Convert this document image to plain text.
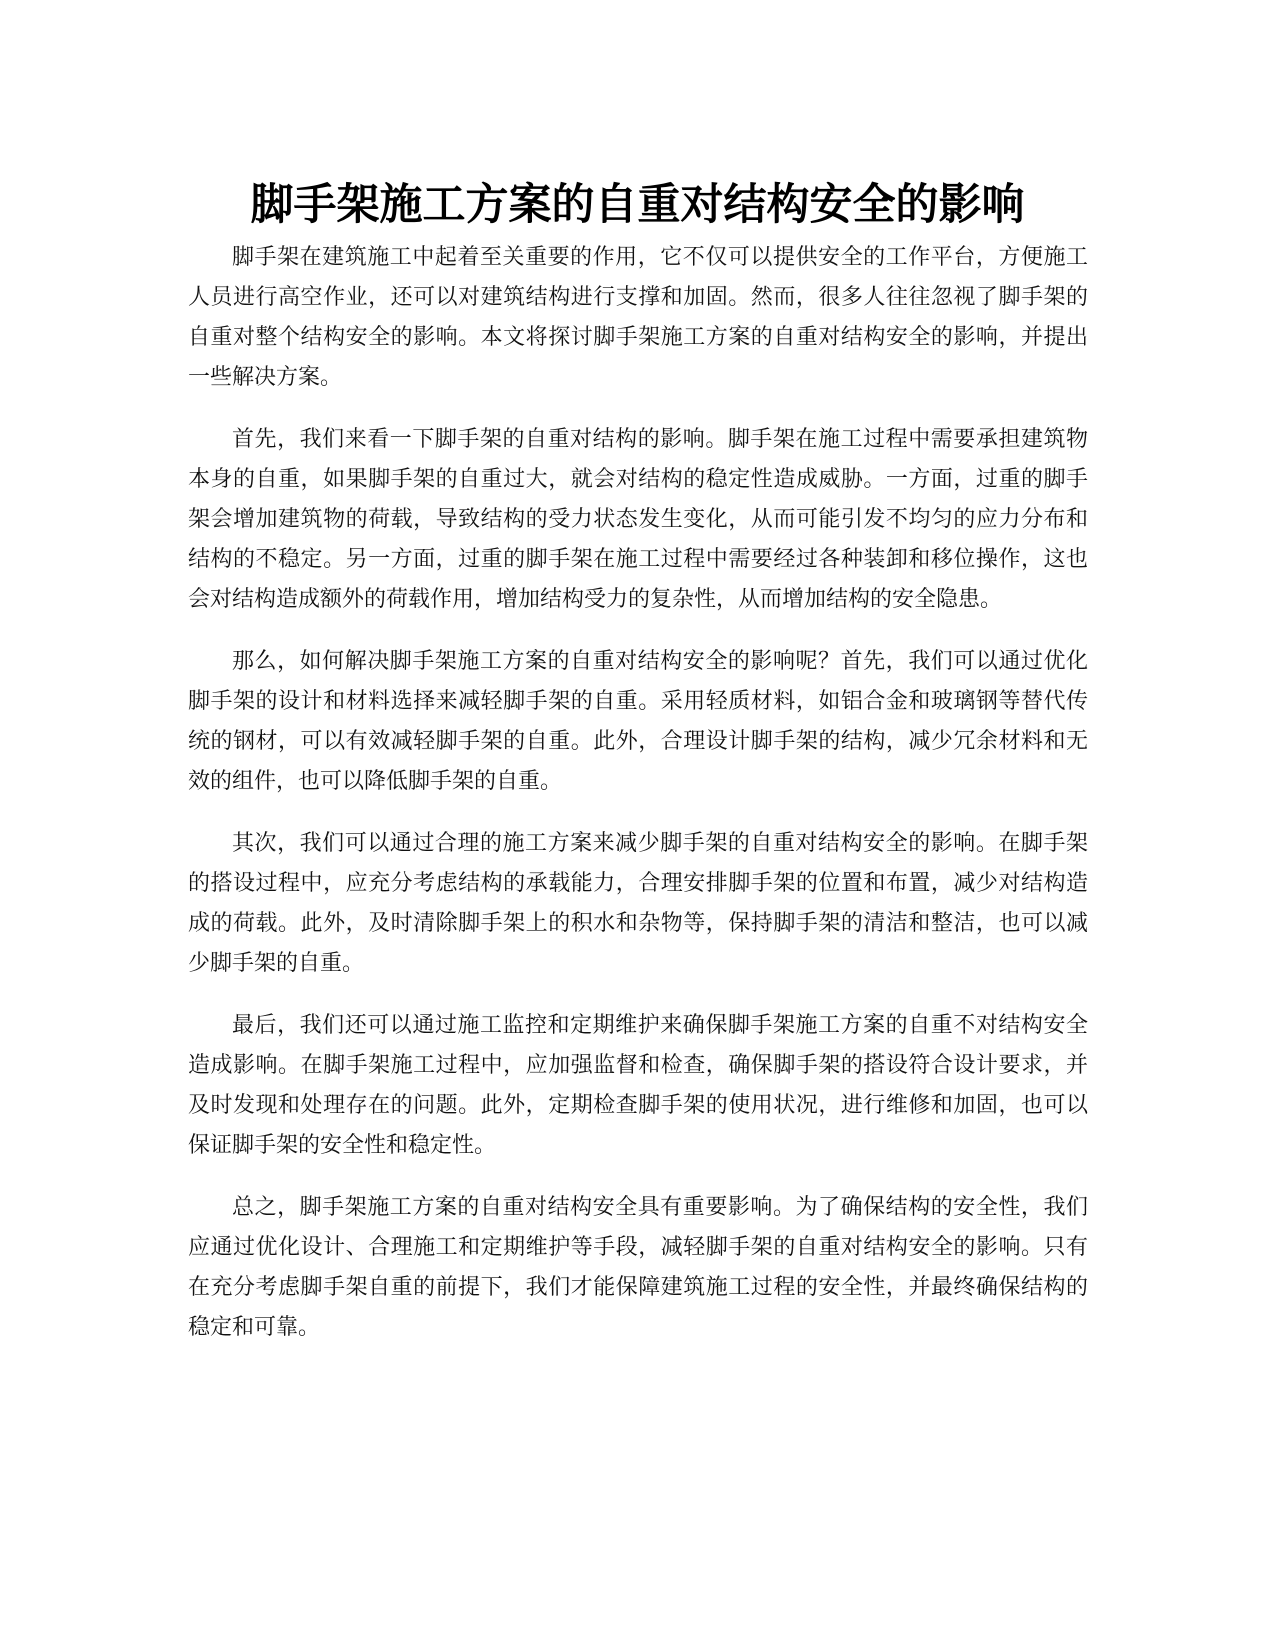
脚手架施工方案的自重对结构安全的影响

脚手架在建筑施工中起着至关重要的作用，它不仅可以提供安全的工作平台，方便施工人员进行高空作业，还可以对建筑结构进行支撑和加固。然而，很多人往往忽视了脚手架的自重对整个结构安全的影响。本文将探讨脚手架施工方案的自重对结构安全的影响，并提出一些解决方案。

首先，我们来看一下脚手架的自重对结构的影响。脚手架在施工过程中需要承担建筑物本身的自重，如果脚手架的自重过大，就会对结构的稳定性造成威胁。一方面，过重的脚手架会增加建筑物的荷载，导致结构的受力状态发生变化，从而可能引发不均匀的应力分布和结构的不稳定。另一方面，过重的脚手架在施工过程中需要经过各种装卸和移位操作，这也会对结构造成额外的荷载作用，增加结构受力的复杂性，从而增加结构的安全隐患。

那么，如何解决脚手架施工方案的自重对结构安全的影响呢？首先，我们可以通过优化脚手架的设计和材料选择来减轻脚手架的自重。采用轻质材料，如铝合金和玻璃钢等替代传统的钢材，可以有效减轻脚手架的自重。此外，合理设计脚手架的结构，减少冗余材料和无效的组件，也可以降低脚手架的自重。

其次，我们可以通过合理的施工方案来减少脚手架的自重对结构安全的影响。在脚手架的搭设过程中，应充分考虑结构的承载能力，合理安排脚手架的位置和布置，减少对结构造成的荷载。此外，及时清除脚手架上的积水和杂物等，保持脚手架的清洁和整洁，也可以减少脚手架的自重。

最后，我们还可以通过施工监控和定期维护来确保脚手架施工方案的自重不对结构安全造成影响。在脚手架施工过程中，应加强监督和检查，确保脚手架的搭设符合设计要求，并及时发现和处理存在的问题。此外，定期检查脚手架的使用状况，进行维修和加固，也可以保证脚手架的安全性和稳定性。

总之，脚手架施工方案的自重对结构安全具有重要影响。为了确保结构的安全性，我们应通过优化设计、合理施工和定期维护等手段，减轻脚手架的自重对结构安全的影响。只有在充分考虑脚手架自重的前提下，我们才能保障建筑施工过程的安全性，并最终确保结构的稳定和可靠。
